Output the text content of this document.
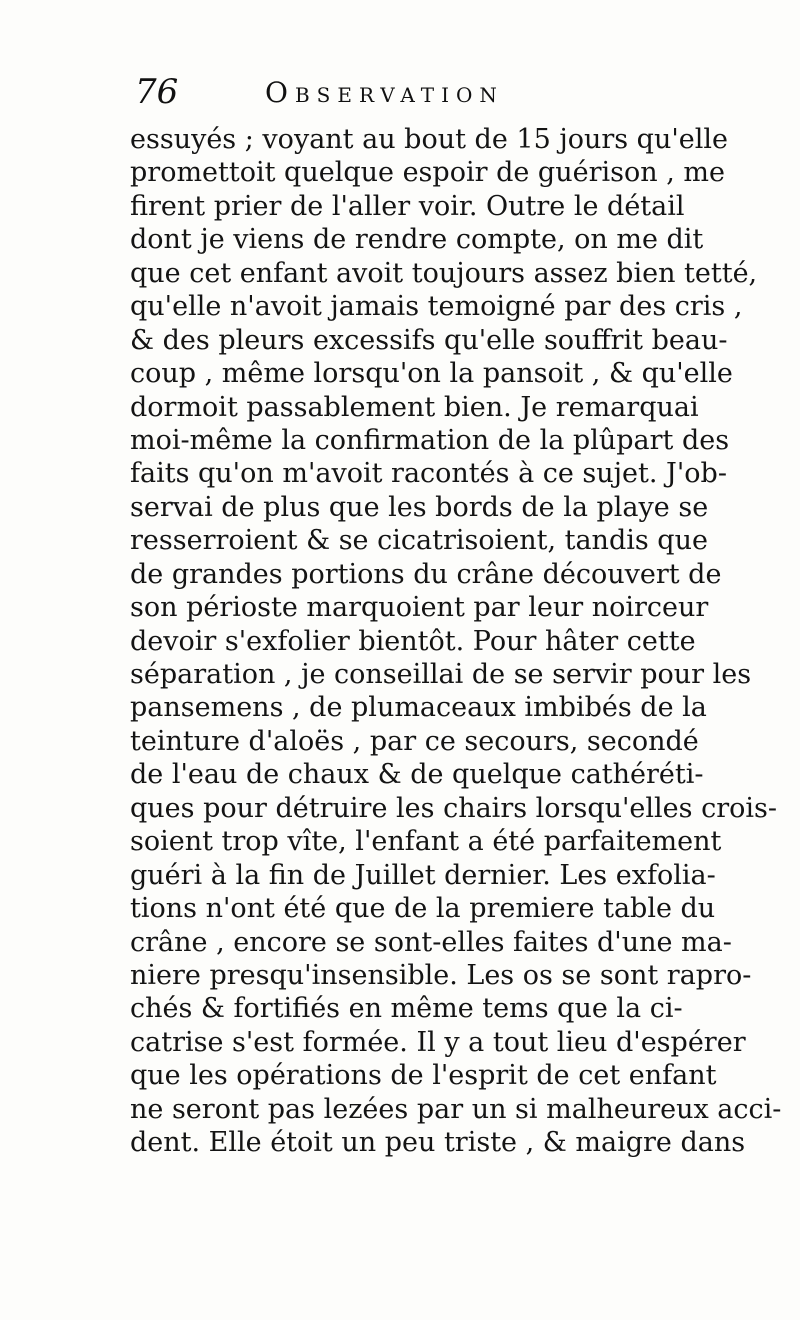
76	Observation
essuyés ; voyant au bout de 15 jours qu'elle
promettoit quelque espoir de guérison , me
firent prier de l'aller voir. Outre le détail
dont je viens de rendre compte, on me dit
que cet enfant avoit toujours assez bien tetté,
qu'elle n'avoit jamais temoigné par des cris ,
& des pleurs excessifs qu'elle souffrit beau-
coup , même lorsqu'on la pansoit , & qu'elle
dormoit passablement bien. Je remarquai
moi-même la confirmation de la plûpart des
faits qu'on m'avoit racontés à ce sujet. J'ob-
servai de plus que les bords de la playe se
resserroient & se cicatrisoient, tandis que
de grandes portions du crâne découvert de
son périoste marquoient par leur noirceur
devoir s'exfolier bientôt. Pour hâter cette
séparation , je conseillai de se servir pour les
pansemens , de plumaceaux imbibés de la
teinture d'aloës , par ce secours, secondé
de l'eau de chaux & de quelque cathéréti-
ques pour détruire les chairs lorsqu'elles crois-
soient trop vîte, l'enfant a été parfaitement
guéri à la fin de Juillet dernier. Les exfolia-
tions n'ont été que de la premiere table du
crâne , encore se sont-elles faites d'une ma-
niere presqu'insensible. Les os se sont rapro-
chés & fortifiés en même tems que la ci-
catrise s'est formée. Il y a tout lieu d'espérer
que les opérations de l'esprit de cet enfant
ne seront pas lezées par un si malheureux acci-
dent. Elle étoit un peu triste , & maigre dans
